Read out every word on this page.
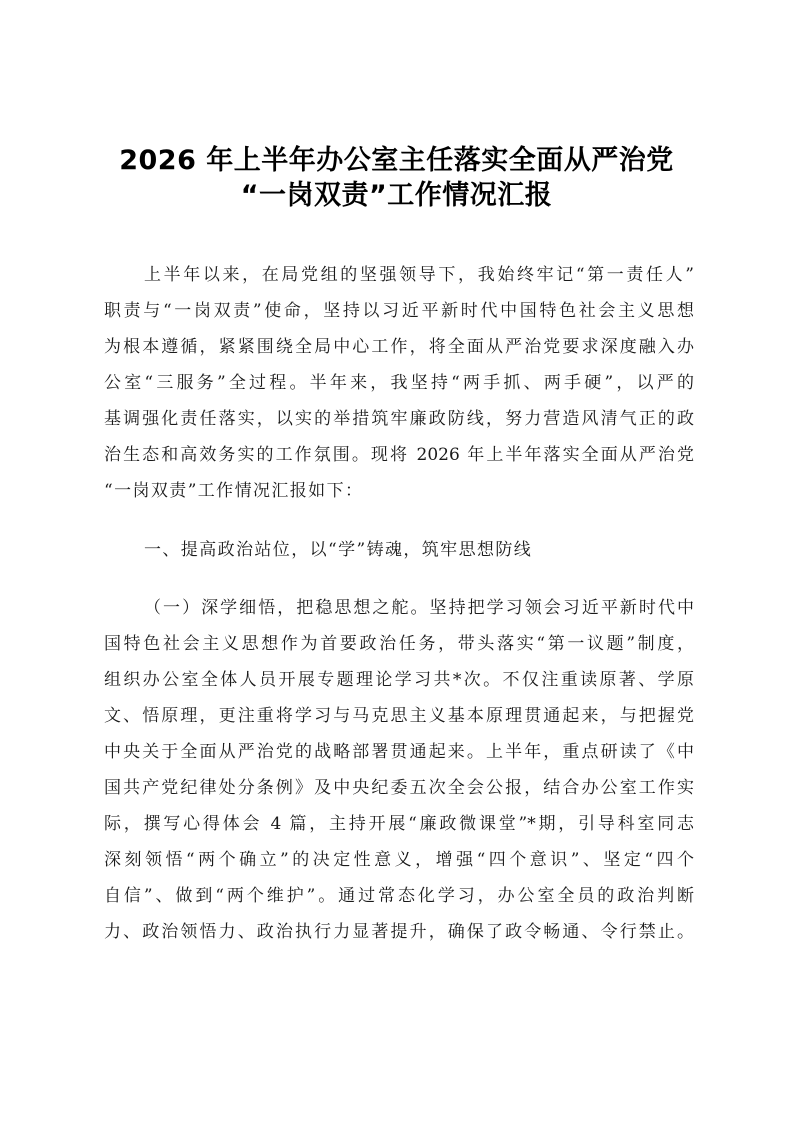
2026 年上半年办公室主任落实全面从严治党
“一岗双责”工作情况汇报
上半年以来，在局党组的坚强领导下，我始终牢记“第一责任人”
职责与“一岗双责”使命，坚持以习近平新时代中国特色社会主义思想
为根本遵循，紧紧围绕全局中心工作，将全面从严治党要求深度融入办
公室“三服务”全过程。半年来，我坚持“两手抓、两手硬”，以严的
基调强化责任落实，以实的举措筑牢廉政防线，努力营造风清气正的政
治生态和高效务实的工作氛围。现将 2026 年上半年落实全面从严治党
“一岗双责”工作情况汇报如下：
一、提高政治站位，以“学”铸魂，筑牢思想防线
（一）深学细悟，把稳思想之舵。坚持把学习领会习近平新时代中
国特色社会主义思想作为首要政治任务，带头落实“第一议题”制度，
组织办公室全体人员开展专题理论学习共*次。不仅注重读原著、学原
文、悟原理，更注重将学习与马克思主义基本原理贯通起来，与把握党
中央关于全面从严治党的战略部署贯通起来。上半年，重点研读了《中
国共产党纪律处分条例》及中央纪委五次全会公报，结合办公室工作实
际，撰写心得体会 4 篇，主持开展“廉政微课堂”*期，引导科室同志
深刻领悟“两个确立”的决定性意义，增强“四个意识”、坚定“四个
自信”、做到“两个维护”。通过常态化学习，办公室全员的政治判断
力、政治领悟力、政治执行力显著提升，确保了政令畅通、令行禁止。
